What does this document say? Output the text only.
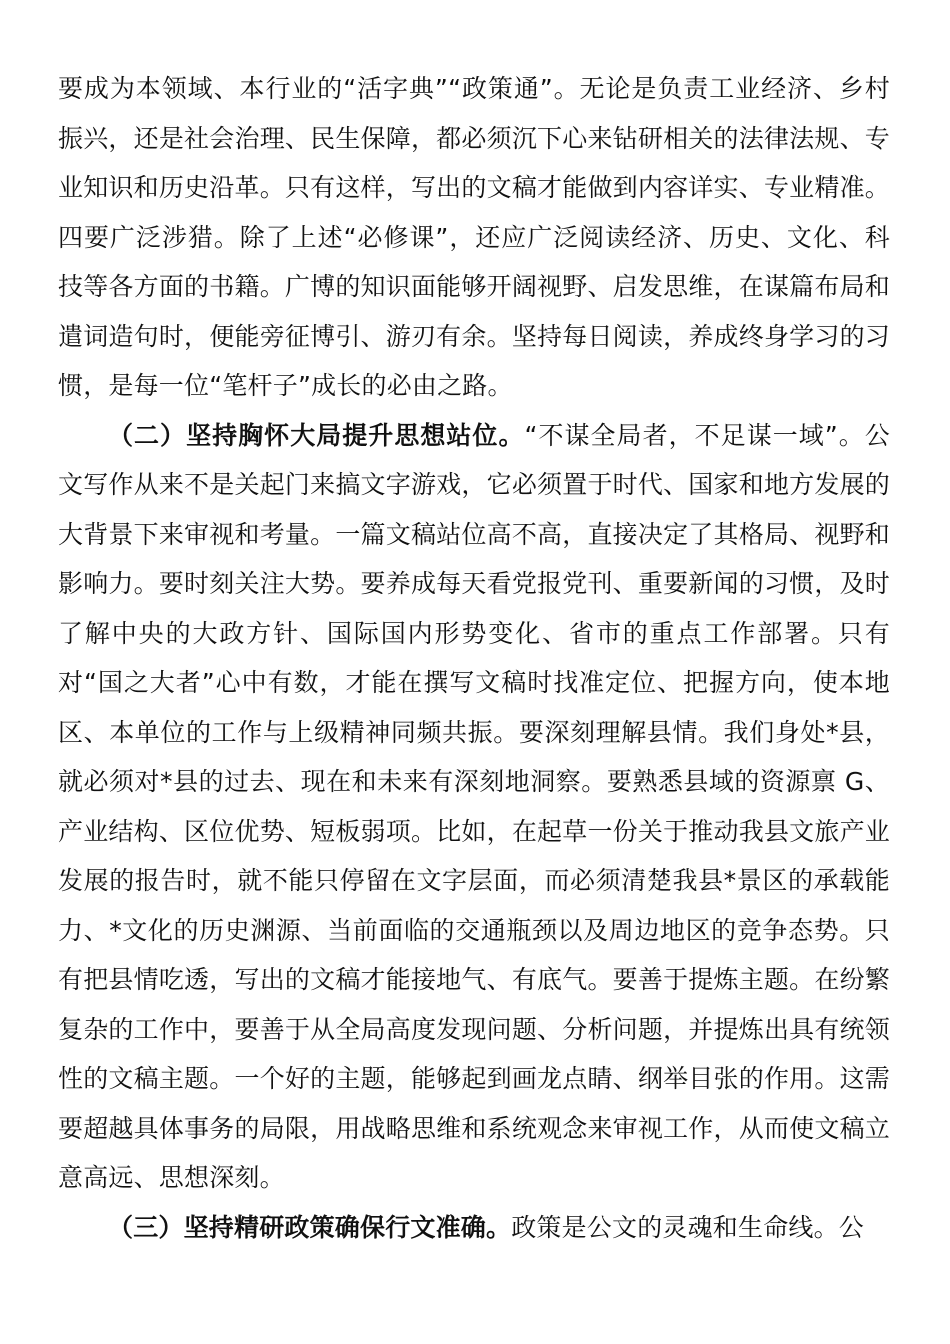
要成为本领域、本行业的“活字典”“政策通”。无论是负责工业经济、乡村振兴，还是社会治理、民生保障，都必须沉下心来钻研相关的法律法规、专业知识和历史沿革。只有这样，写出的文稿才能做到内容详实、专业精准。四要广泛涉猎。除了上述“必修课”，还应广泛阅读经济、历史、文化、科技等各方面的书籍。广博的知识面能够开阔视野、启发思维，在谋篇布局和遣词造句时，便能旁征博引、游刃有余。坚持每日阅读，养成终身学习的习惯，是每一位“笔杆子”成长的必由之路。

（二）坚持胸怀大局提升思想站位。“不谋全局者，不足谋一域”。公文写作从来不是关起门来搞文字游戏，它必须置于时代、国家和地方发展的大背景下来审视和考量。一篇文稿站位高不高，直接决定了其格局、视野和影响力。要时刻关注大势。要养成每天看党报党刊、重要新闻的习惯，及时了解中央的大政方针、国际国内形势变化、省市的重点工作部署。只有对“国之大者”心中有数，才能在撰写文稿时找准定位、把握方向，使本地区、本单位的工作与上级精神同频共振。要深刻理解县情。我们身处*县，就必须对*县的过去、现在和未来有深刻地洞察。要熟悉县域的资源禀 G、产业结构、区位优势、短板弱项。比如，在起草一份关于推动我县文旅产业发展的报告时，就不能只停留在文字层面，而必须清楚我县*景区的承载能力、*文化的历史渊源、当前面临的交通瓶颈以及周边地区的竞争态势。只有把县情吃透，写出的文稿才能接地气、有底气。要善于提炼主题。在纷繁复杂的工作中，要善于从全局高度发现问题、分析问题，并提炼出具有统领性的文稿主题。一个好的主题，能够起到画龙点睛、纲举目张的作用。这需要超越具体事务的局限，用战略思维和系统观念来审视工作，从而使文稿立意高远、思想深刻。

（三）坚持精研政策确保行文准确。政策是公文的灵魂和生命线。公
